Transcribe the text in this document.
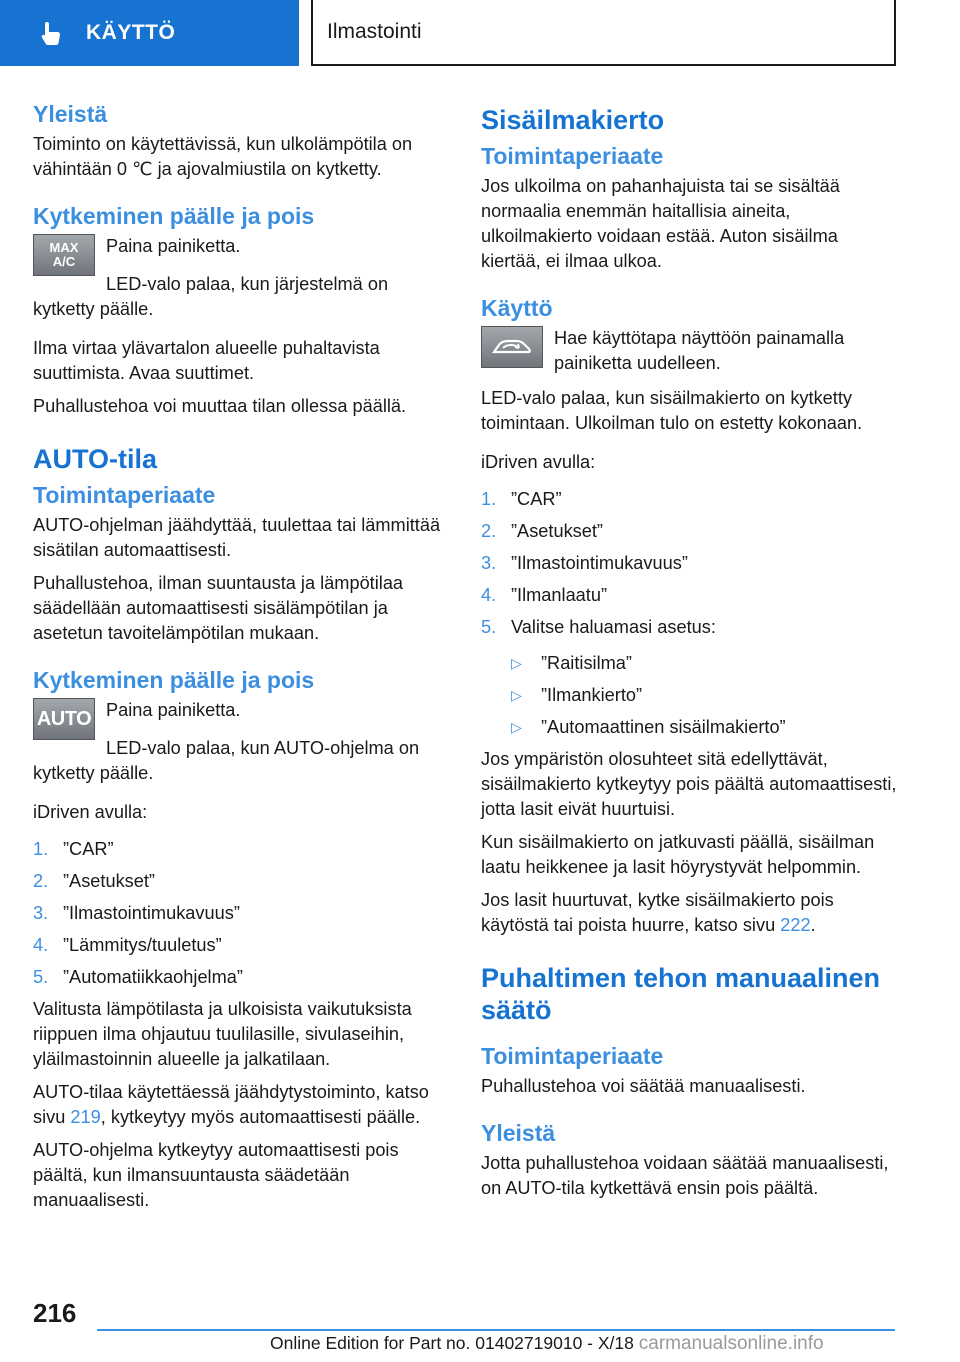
KÄYTTÖ	Ilmastointi
Yleistä

Toiminto on käytettävissä, kun ulkolämpötila on vähintään 0 ℃ ja ajovalmiustila on kytketty.

Kytkeminen päälle ja pois
MAX A/C

Paina painiketta.

LED-valo palaa, kun järjestelmä on kytketty päälle.

Ilma virtaa ylävartalon alueelle puhaltavista suuttimista. Avaa suuttimet.

Puhallustehoa voi muuttaa tilan ollessa päällä.

AUTO-tila
Toimintaperiaate

AUTO-ohjelman jäähdyttää, tuulettaa tai lämmittää sisätilan automaattisesti.

Puhallustehoa, ilman suuntausta ja lämpötilaa säädellään automaattisesti sisälämpötilan ja asetetun tavoitelämpötilan mukaan.

Kytkeminen päälle ja pois
AUTO Paina painiketta.

LED-valo palaa, kun AUTO-ohjelma on kytketty päälle.

iDriven avulla:

1. ”CAR”
2. ”Asetukset”
3. ”Ilmastointimukavuus”
4. ”Lämmitys/tuuletus”
5. ”Automatiikkaohjelma”

Valitusta lämpötilasta ja ulkoisista vaikutuksista riippuen ilma ohjautuu tuulilasille, sivulaseihin, yläilmastoinnin alueelle ja jalkatilaan.

AUTO-tilaa käytettäessä jäähdytystoiminto, katso sivu 219, kytkeytyy myös automaattisesti päälle.

AUTO-ohjelma kytkeytyy automaattisesti pois päältä, kun ilmansuuntausta säädetään manuaalisesti.

Sisäilmakierto
Toimintaperiaate

Jos ulkoilma on pahanhajuista tai se sisältää normaalia enemmän haitallisia aineita, ulkoilmakierto voidaan estää. Auton sisäilma kiertää, ei ilmaa ulkoa.

Käyttö

Hae käyttötapa näyttöön painamalla painiketta uudelleen.

LED-valo palaa, kun sisäilmakierto on kytketty toimintaan. Ulkoilman tulo on estetty kokonaan.

iDriven avulla:

1. ”CAR”
2. ”Asetukset”
3. ”Ilmastointimukavuus”
4. ”Ilmanlaatu”
5. Valitse haluamasi asetus:
▷	”Raitisilma”
▷	”Ilmankierto”
▷	”Automaattinen sisäilmakierto”

Jos ympäristön olosuhteet sitä edellyttävät, sisäilmakierto kytkeytyy pois päältä automaattisesti, jotta lasit eivät huurtuisi.

Kun sisäilmakierto on jatkuvasti päällä, sisäilman laatu heikkenee ja lasit höyrystyvät helpommin.

Jos lasit huurtuvat, kytke sisäilmakierto pois käytöstä tai poista huurre, katso sivu 222.

Puhaltimen tehon manuaalinen säätö
Toimintaperiaate

Puhallustehoa voi säätää manuaalisesti.

Yleistä

Jotta puhallustehoa voidaan säätää manuaalisesti, on AUTO-tila kytkettävä ensin pois päältä.

216
Online Edition for Part no. 01402719010 - X/18 carmanualsonline.info
